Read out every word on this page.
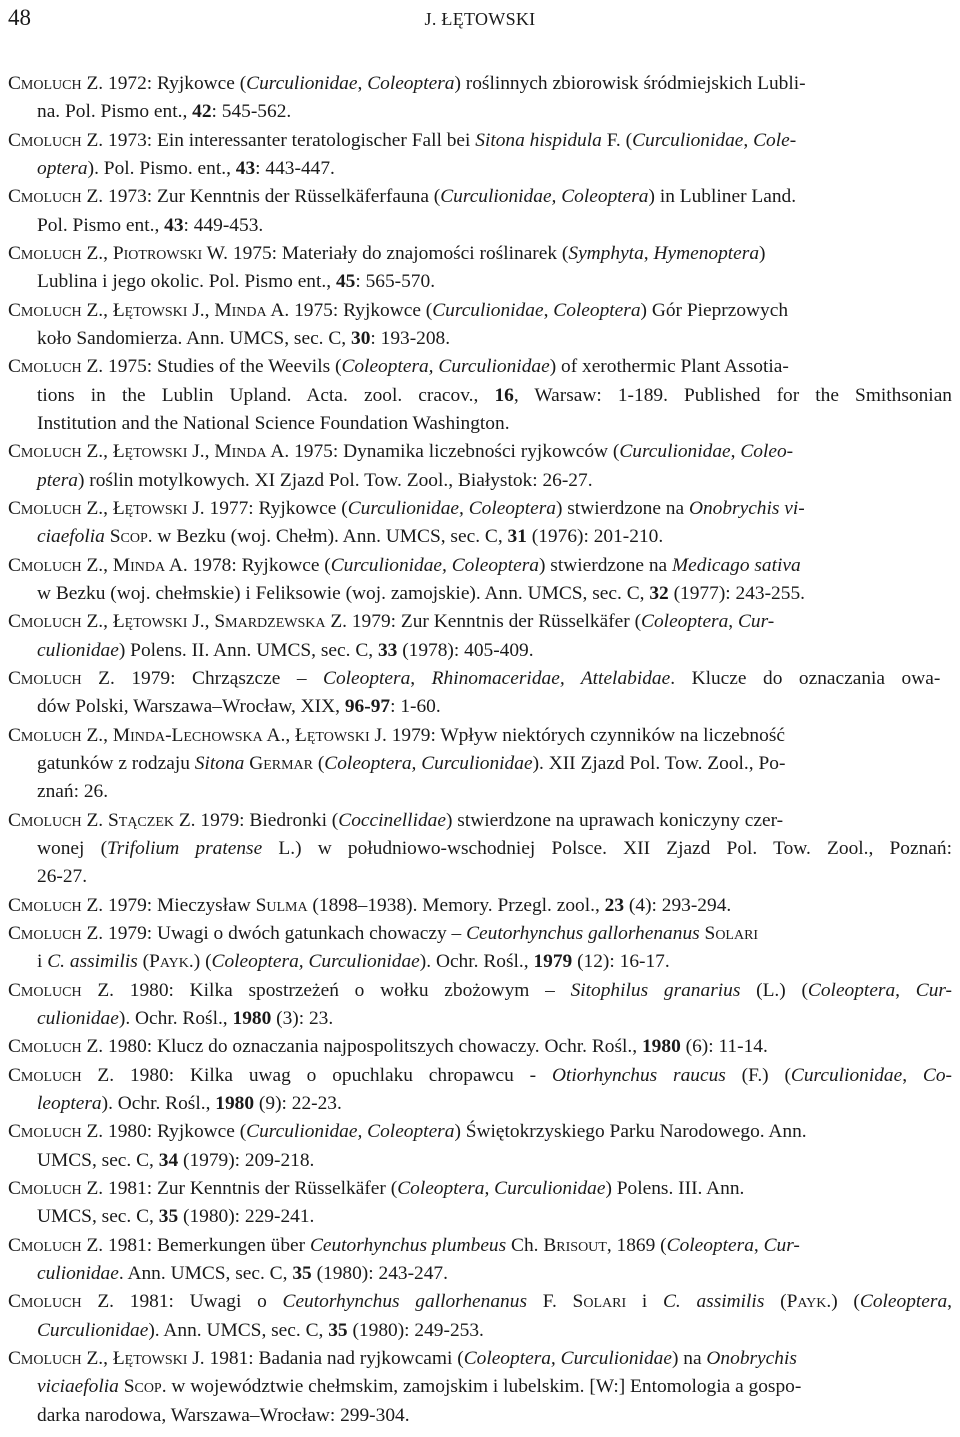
48	J. ŁĘTOWSKI
Cmoluch Z. 1972: Ryjkowce (Curculionidae, Coleoptera) roślinnych zbiorowisk śródmiejskich Lubli-
na. Pol. Pismo ent., 42: 545-562.
Cmoluch Z. 1973: Ein interessanter teratologischer Fall bei Sitona hispidula F. (Curculionidae, Cole-
optera). Pol. Pismo. ent., 43: 443-447.
Cmoluch Z. 1973: Zur Kenntnis der Rüsselkäferfauna (Curculionidae, Coleoptera) in Lubliner Land.
Pol. Pismo ent., 43: 449-453.
Cmoluch Z., Piotrowski W. 1975: Materiały do znajomości roślinarek (Symphyta, Hymenoptera)
Lublina i jego okolic. Pol. Pismo ent., 45: 565-570.
Cmoluch Z., Łętowski J., Minda A. 1975: Ryjkowce (Curculionidae, Coleoptera) Gór Pieprzowych
koło Sandomierza. Ann. UMCS, sec. C, 30: 193-208.
Cmoluch Z. 1975: Studies of the Weevils (Coleoptera, Curculionidae) of xerothermic Plant Assotia-
tions in the Lublin Upland. Acta. zool. cracov., 16, Warsaw: 1-189. Published for the Smithsonian
Institution and the National Science Foundation Washington.
Cmoluch Z., Łętowski J., Minda A. 1975: Dynamika liczebności ryjkowców (Curculionidae, Coleo-
ptera) roślin motylkowych. XI Zjazd Pol. Tow. Zool., Białystok: 26-27.
Cmoluch Z., Łętowski J. 1977: Ryjkowce (Curculionidae, Coleoptera) stwierdzone na Onobrychis vi-
ciaefolia Scop. w Bezku (woj. Chełm). Ann. UMCS, sec. C, 31 (1976): 201-210.
Cmoluch Z., Minda A. 1978: Ryjkowce (Curculionidae, Coleoptera) stwierdzone na Medicago sativa
w Bezku (woj. chełmskie) i Feliksowie (woj. zamojskie). Ann. UMCS, sec. C, 32 (1977): 243-255.
Cmoluch Z., Łętowski J., Smardzewska Z. 1979: Zur Kenntnis der Rüsselkäfer (Coleoptera, Cur-
culionidae) Polens. II. Ann. UMCS, sec. C, 33 (1978): 405-409.
Cmoluch Z. 1979: Chrząszcze – Coleoptera, Rhinomaceridae, Attelabidae. Klucze do oznaczania owa-
dów Polski, Warszawa–Wrocław, XIX, 96-97: 1-60.
Cmoluch Z., Minda-Lechowska A., Łętowski J. 1979: Wpływ niektórych czynników na liczebność
gatunków z rodzaju Sitona Germar (Coleoptera, Curculionidae). XII Zjazd Pol. Tow. Zool., Po-
znań: 26.
Cmoluch Z. Stączek Z. 1979: Biedronki (Coccinellidae) stwierdzone na uprawach koniczyny czer-
wonej (Trifolium pratense L.) w południowo-wschodniej Polsce. XII Zjazd Pol. Tow. Zool., Poznań:
26-27.
Cmoluch Z. 1979: Mieczysław Sulma (1898–1938). Memory. Przegl. zool., 23 (4): 293-294.
Cmoluch Z. 1979: Uwagi o dwóch gatunkach chowaczy – Ceutorhynchus gallorhenanus Solari
i C. assimilis (Payk.) (Coleoptera, Curculionidae). Ochr. Rośl., 1979 (12): 16-17.
Cmoluch Z. 1980: Kilka spostrzeżeń o wołku zbożowym – Sitophilus granarius (L.) (Coleoptera, Cur-
culionidae). Ochr. Rośl., 1980 (3): 23.
Cmoluch Z. 1980: Klucz do oznaczania najpospolitszych chowaczy. Ochr. Rośl., 1980 (6): 11-14.
Cmoluch Z. 1980: Kilka uwag o opuchlaku chropawcu - Otiorhynchus raucus (F.) (Curculionidae, Co-
leoptera). Ochr. Rośl., 1980 (9): 22-23.
Cmoluch Z. 1980: Ryjkowce (Curculionidae, Coleoptera) Świętokrzyskiego Parku Narodowego. Ann.
UMCS, sec. C, 34 (1979): 209-218.
Cmoluch Z. 1981: Zur Kenntnis der Rüsselkäfer (Coleoptera, Curculionidae) Polens. III. Ann.
UMCS, sec. C, 35 (1980): 229-241.
Cmoluch Z. 1981: Bemerkungen über Ceutorhynchus plumbeus Ch. Brisout, 1869 (Coleoptera, Cur-
culionidae. Ann. UMCS, sec. C, 35 (1980): 243-247.
Cmoluch Z. 1981: Uwagi o Ceutorhynchus gallorhenanus F. Solari i C. assimilis (Payk.) (Coleoptera,
Curculionidae). Ann. UMCS, sec. C, 35 (1980): 249-253.
Cmoluch Z., Łętowski J. 1981: Badania nad ryjkowcami (Coleoptera, Curculionidae) na Onobrychis
viciaefolia Scop. w województwie chełmskim, zamojskim i lubelskim. [W:] Entomologia a gospo-
darka narodowa, Warszawa–Wrocław: 299-304.
